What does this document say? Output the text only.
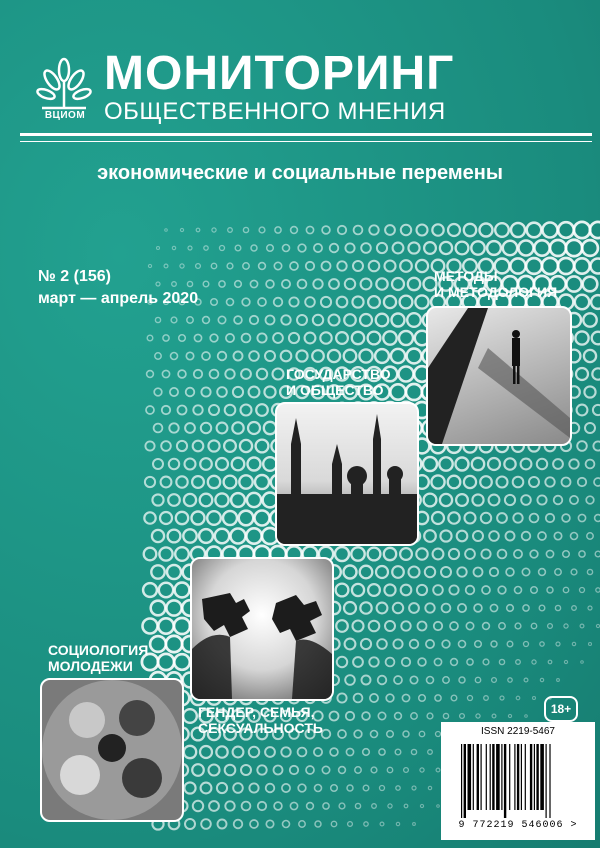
ВЦИОМ
МОНИТОРИНГ
ОБЩЕСТВЕННОГО МНЕНИЯ
экономические и социальные перемены
№ 2 (156)
март — апрель 2020
МЕТОДЫ
И МЕТОДОЛОГИЯ
ГОСУДАРСТВО
И ОБЩЕСТВО
СОЦИОЛОГИЯ
МОЛОДЕЖИ
ГЕНДЕР, СЕМЬЯ,
СЕКСУАЛЬНОСТЬ
18+
ISSN 2219-5467
9 772219 546006 >
